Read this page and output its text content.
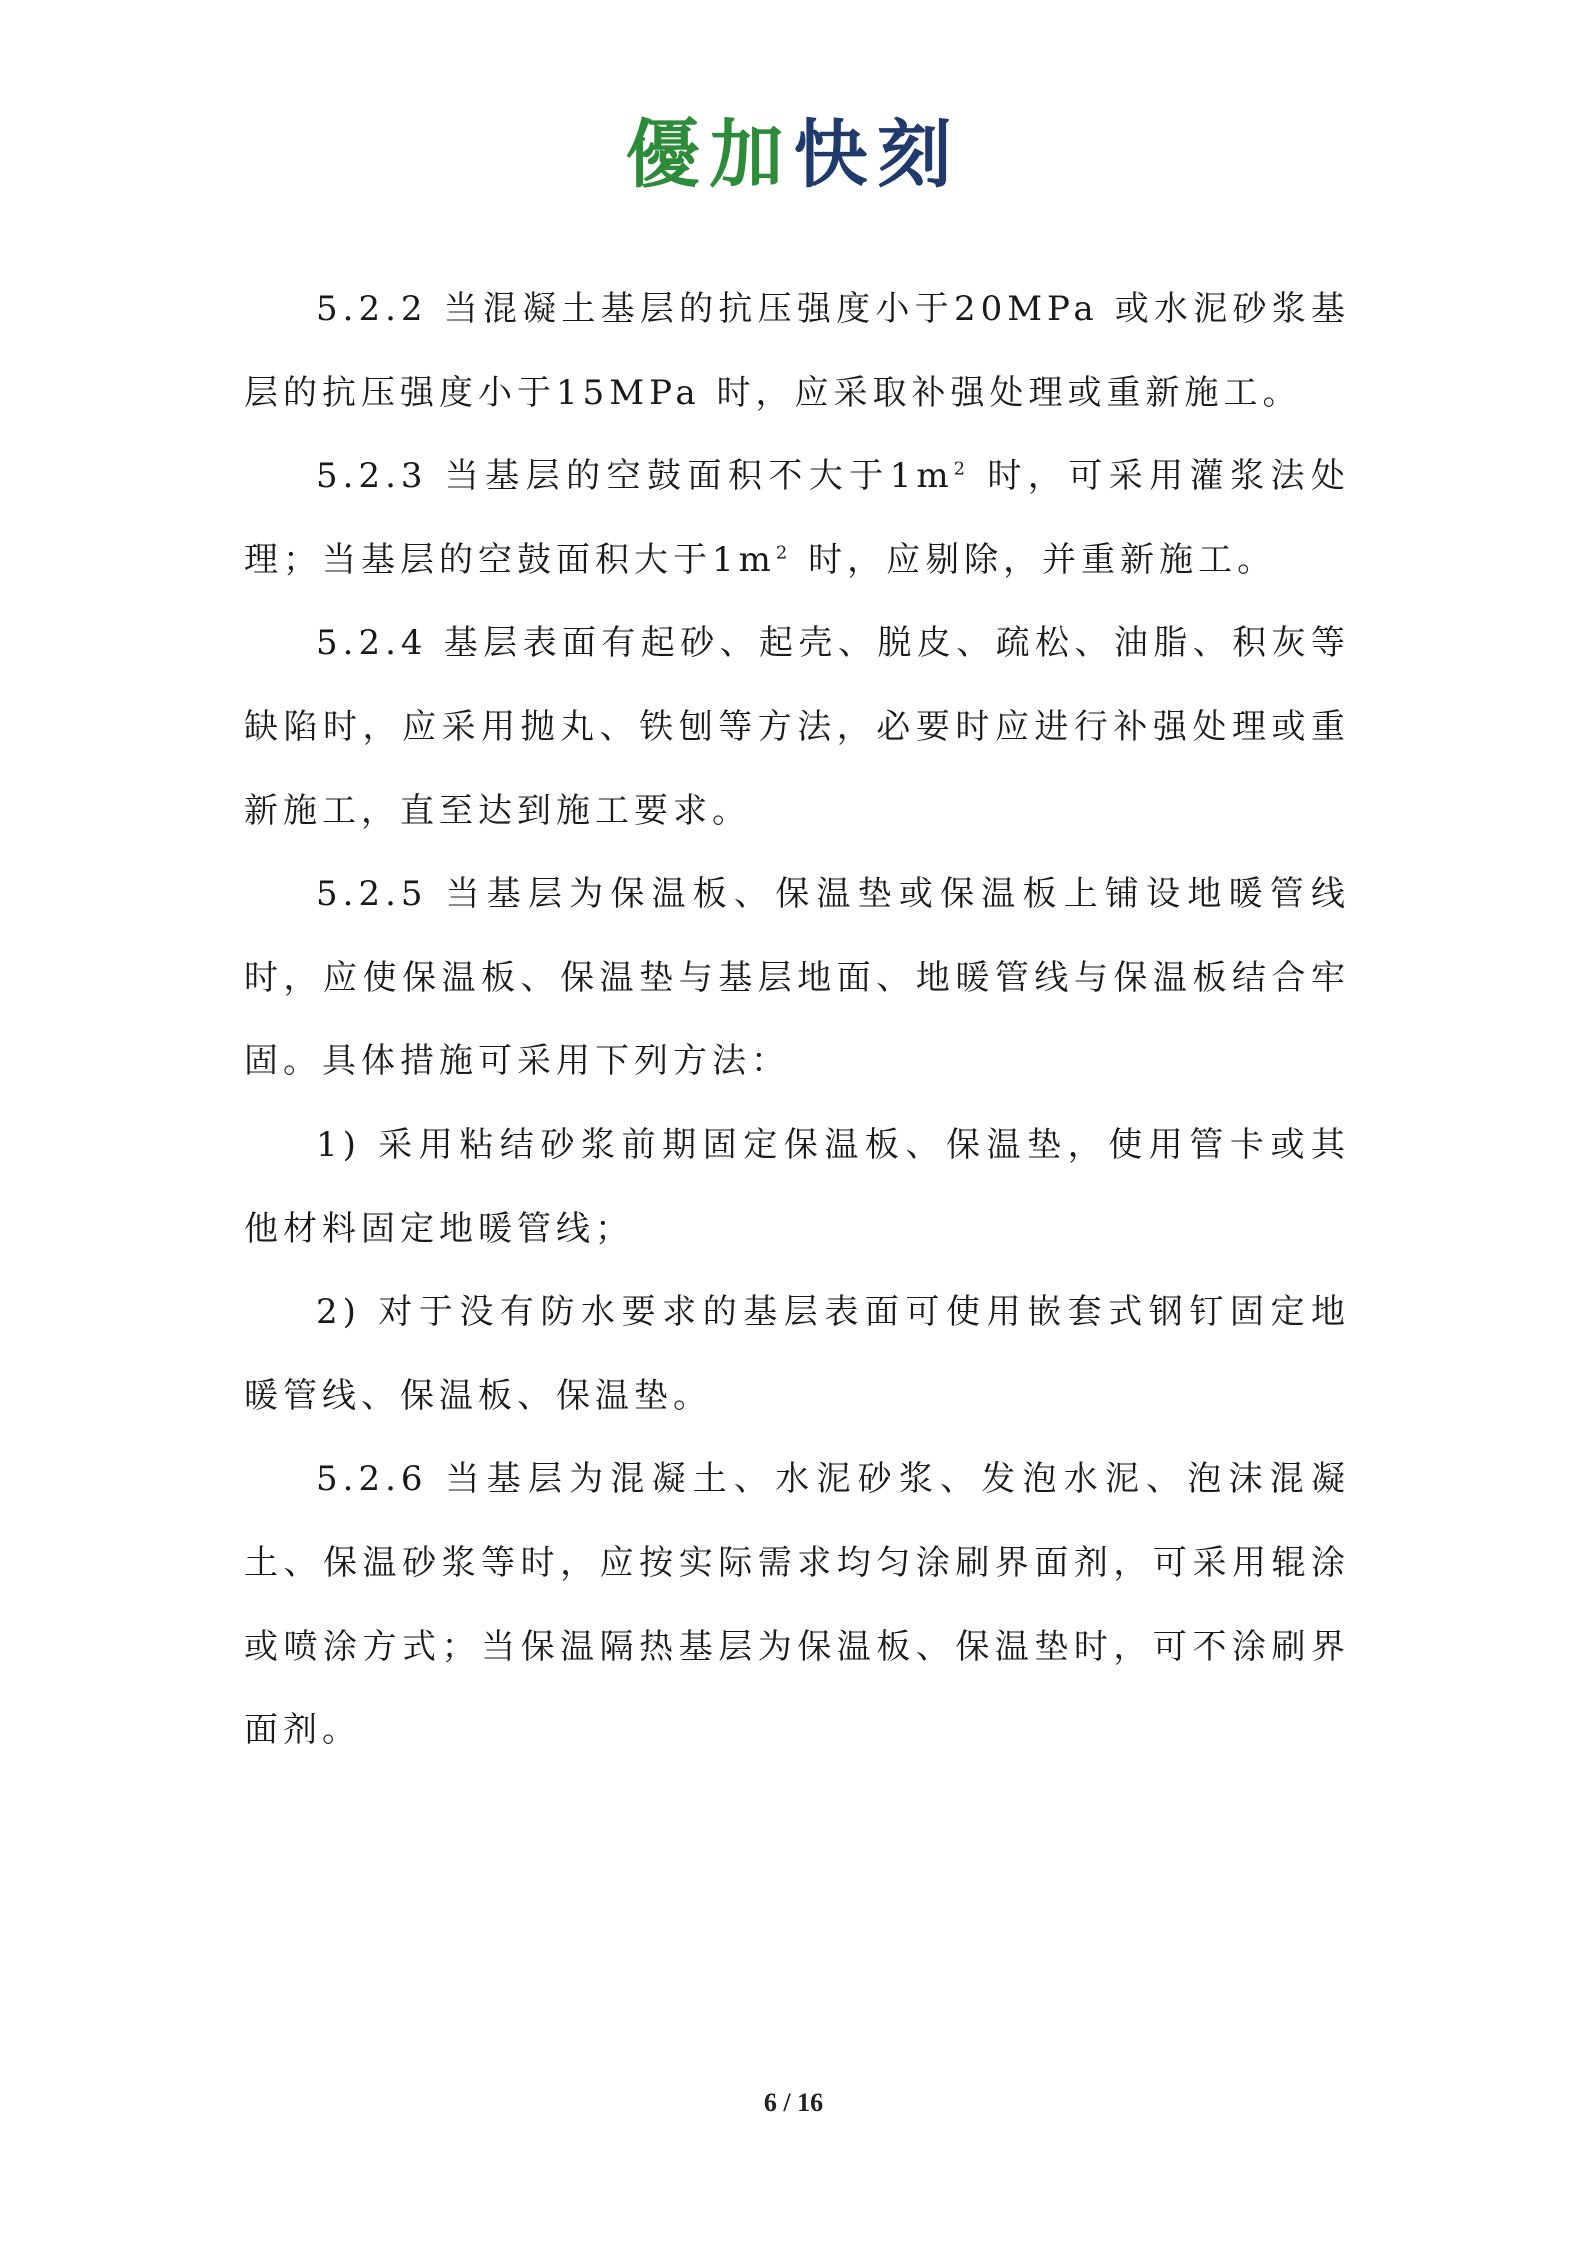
優加快刻

5.2.2 当混凝土基层的抗压强度小于20MPa 或水泥砂浆基层的抗压强度小于15MPa 时，应采取补强处理或重新施工。

5.2.3 当基层的空鼓面积不大于$1m^2$ 时，可采用灌浆法处理；当基层的空鼓面积大于$1m^2$ 时，应剔除，并重新施工。

5.2.4 基层表面有起砂、起壳、脱皮、疏松、油脂、积灰等缺陷时，应采用抛丸、铁刨等方法，必要时应进行补强处理或重新施工，直至达到施工要求。

5.2.5 当基层为保温板、保温垫或保温板上铺设地暖管线时，应使保温板、保温垫与基层地面、地暖管线与保温板结合牢固。具体措施可采用下列方法：

1) 采用粘结砂浆前期固定保温板、保温垫，使用管卡或其他材料固定地暖管线；

2) 对于没有防水要求的基层表面可使用嵌套式钢钉固定地暖管线、保温板、保温垫。

5.2.6 当基层为混凝土、水泥砂浆、发泡水泥、泡沫混凝土、保温砂浆等时，应按实际需求均匀涂刷界面剂，可采用辊涂或喷涂方式；当保温隔热基层为保温板、保温垫时，可不涂刷界面剂。

6 / 16
